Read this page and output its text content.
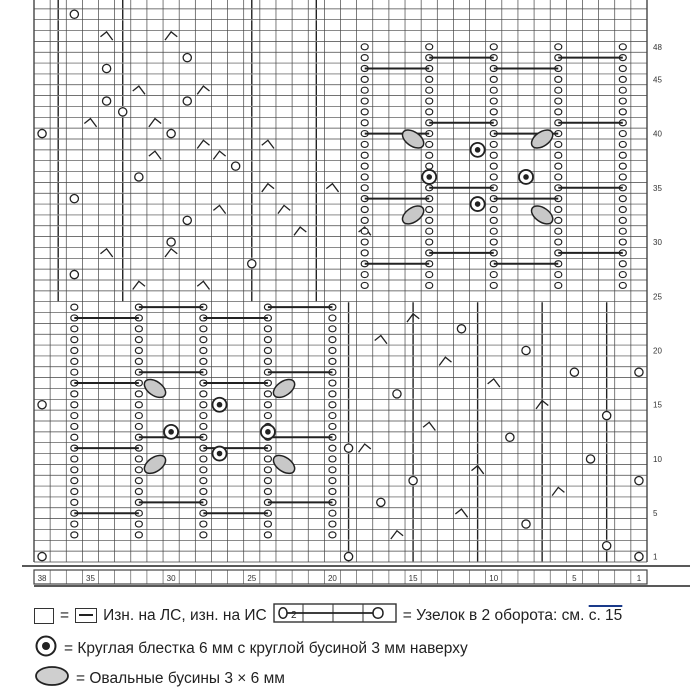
1
5
10
15
20
25
30
35
40
45
48
38	35	30	25	20	15	10	5	1
= Изн. на ЛС, изн. на ИС 2	= Узелок в 2 оборота: см.
с. 15
= Круглая блестка 6 мм с круглой бусиной 3 мм наверху
= Овальные бусины 3 × 6 мм
